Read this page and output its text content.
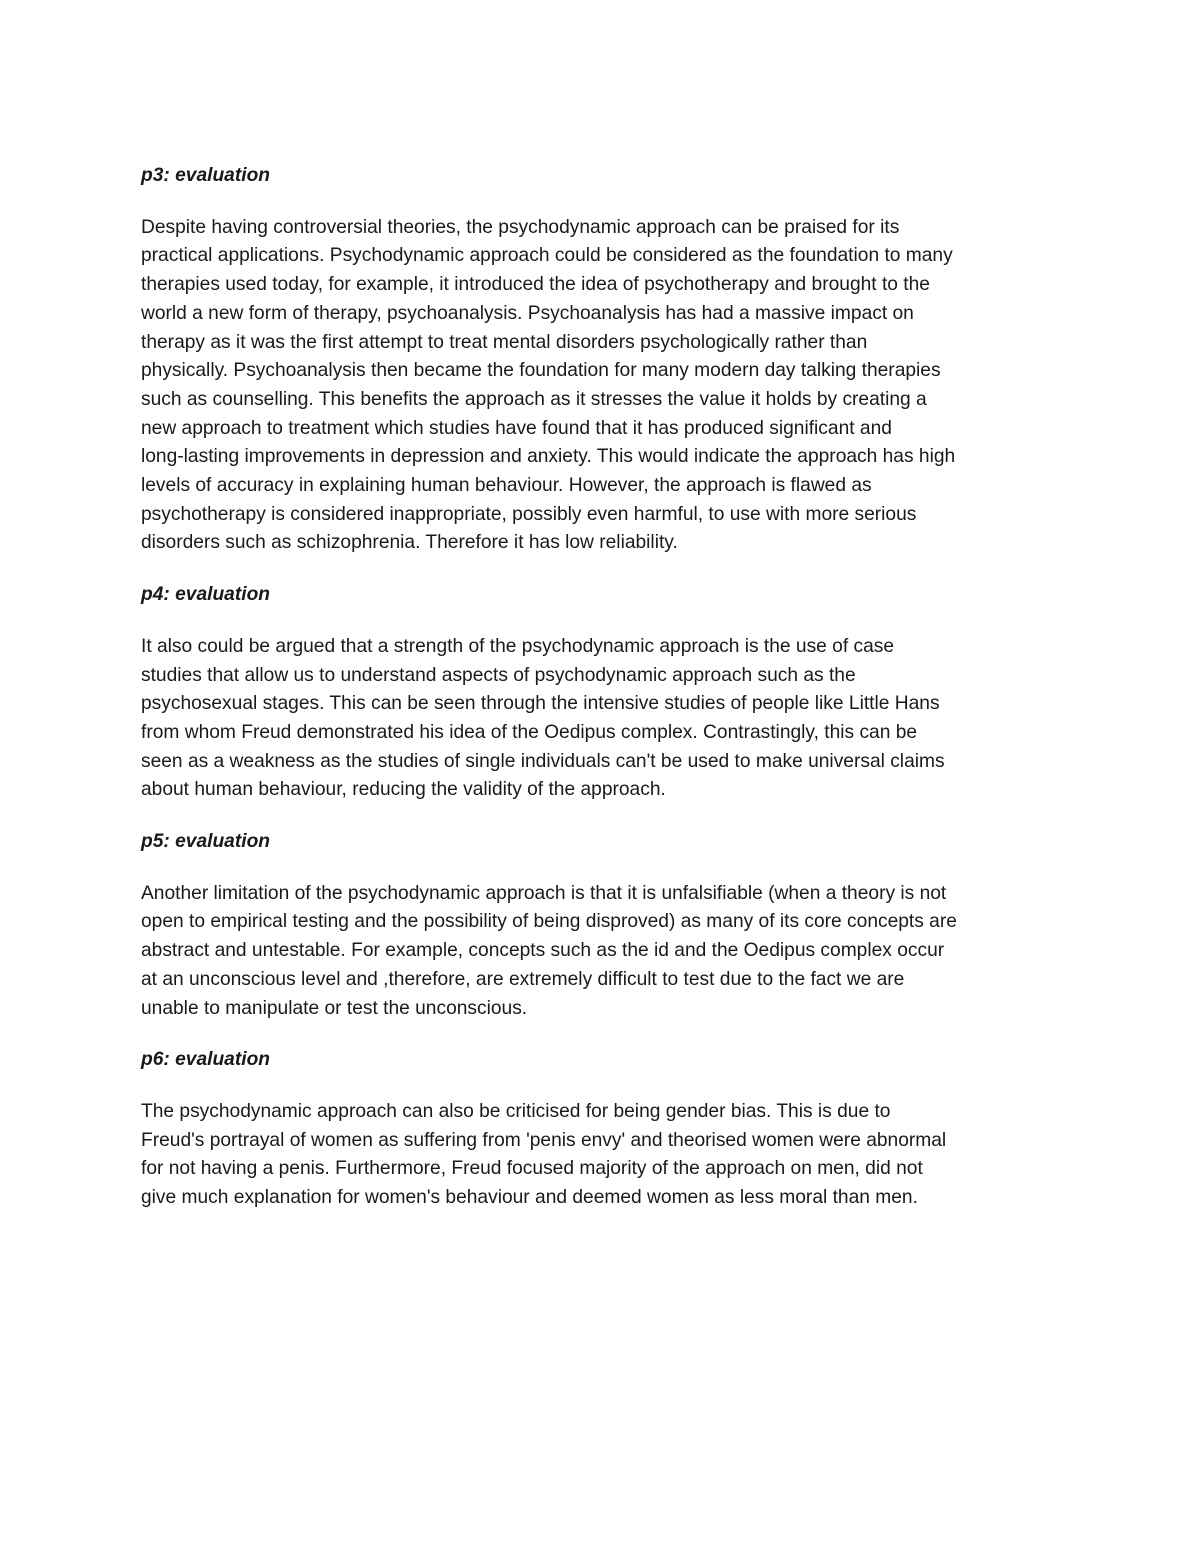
p3: evaluation

Despite having controversial theories, the psychodynamic approach can be praised for its
practical applications. Psychodynamic approach could be considered as the foundation to many
therapies used today, for example, it introduced the idea of psychotherapy and brought to the
world a new form of therapy, psychoanalysis. Psychoanalysis has had a massive impact on
therapy as it was the first attempt to treat mental disorders psychologically rather than
physically. Psychoanalysis then became the foundation for many modern day talking therapies
such as counselling. This benefits the approach as it stresses the value it holds by creating a
new approach to treatment which studies have found that it has produced significant and
long-lasting improvements in depression and anxiety. This would indicate the approach has high
levels of accuracy in explaining human behaviour. However, the approach is flawed as
psychotherapy is considered inappropriate, possibly even harmful, to use with more serious
disorders such as schizophrenia. Therefore it has low reliability.

p4: evaluation

It also could be argued that a strength of the psychodynamic approach is the use of case
studies that allow us to understand aspects of psychodynamic approach such as the
psychosexual stages. This can be seen through the intensive studies of people like Little Hans
from whom Freud demonstrated his idea of the Oedipus complex. Contrastingly, this can be
seen as a weakness as the studies of single individuals can't be used to make universal claims
about human behaviour, reducing the validity of the approach.

p5: evaluation

Another limitation of the psychodynamic approach is that it is unfalsifiable (when a theory is not
open to empirical testing and the possibility of being disproved) as many of its core concepts are
abstract and untestable. For example, concepts such as the id and the Oedipus complex occur
at an unconscious level and ,therefore, are extremely difficult to test due to the fact we are
unable to manipulate or test the unconscious.

p6: evaluation

The psychodynamic approach can also be criticised for being gender bias. This is due to
Freud's portrayal of women as suffering from 'penis envy' and theorised women were abnormal
for not having a penis. Furthermore, Freud focused majority of the approach on men, did not
give much explanation for women's behaviour and deemed women as less moral than men.
